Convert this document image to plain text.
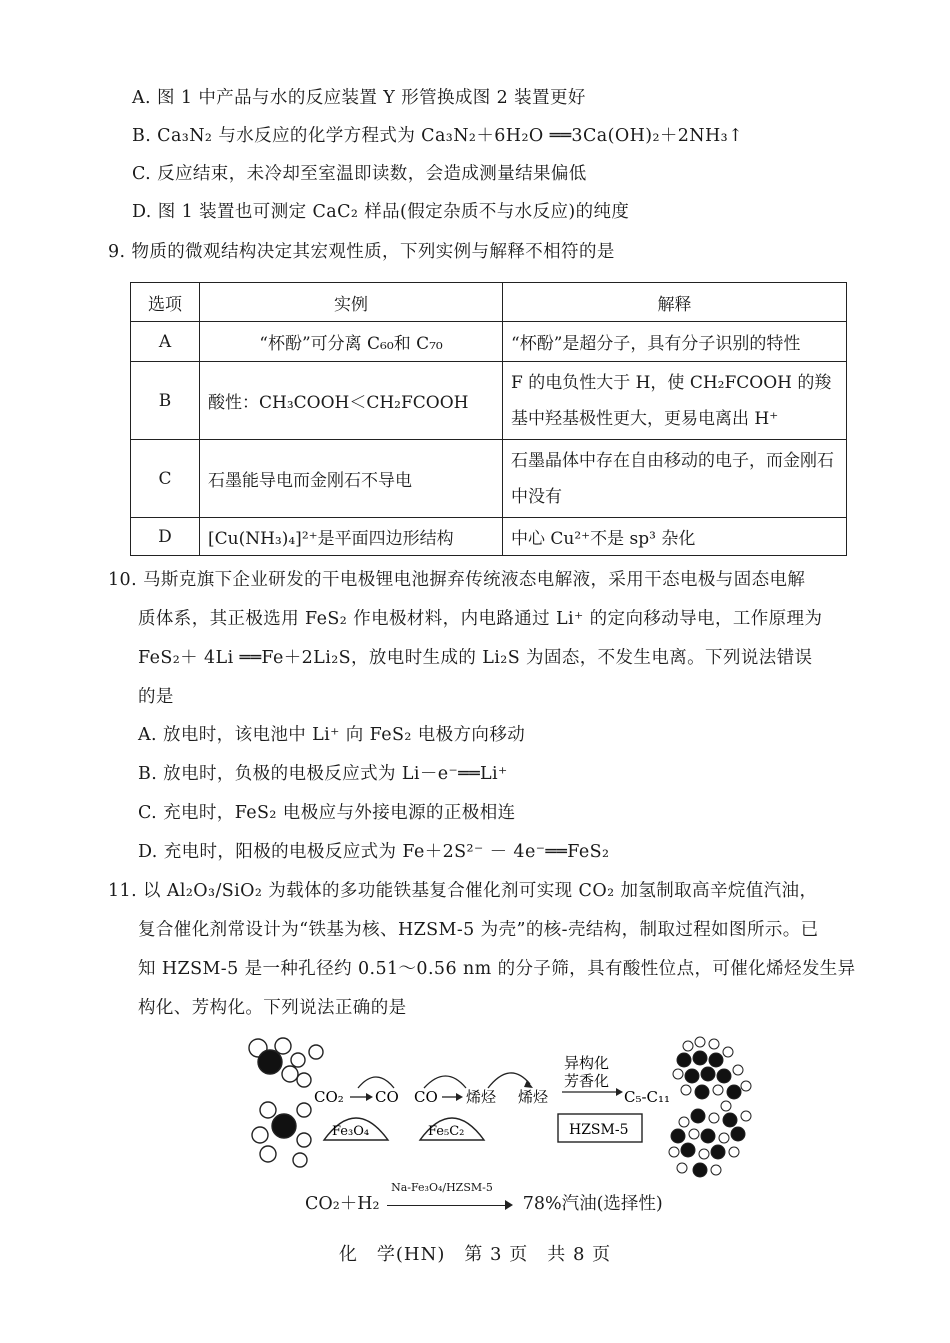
A. 图 1 中产品与水的反应装置 Y 形管换成图 2 装置更好
B. Ca₃N₂ 与水反应的化学方程式为 Ca₃N₂＋6H₂O ══3Ca(OH)₂＋2NH₃↑
C. 反应结束，未冷却至室温即读数，会造成测量结果偏低
D. 图 1 装置也可测定 CaC₂ 样品(假定杂质不与水反应)的纯度
9. 物质的微观结构决定其宏观性质，下列实例与解释不相符的是
选项	实例	解释
A	“杯酚”可分离 C₆₀和 C₇₀	“杯酚”是超分子，具有分子识别的特性
B	酸性：CH₃COOH＜CH₂FCOOH	F 的电负性大于 H，使 CH₂FCOOH 的羧基中羟基极性更大，更易电离出 H⁺
C	石墨能导电而金刚石不导电	石墨晶体中存在自由移动的电子，而金刚石中没有
D	[Cu(NH₃)₄]²⁺是平面四边形结构	中心 Cu²⁺不是 sp³ 杂化
10. 马斯克旗下企业研发的干电极锂电池摒弃传统液态电解液，采用干态电极与固态电解
质体系，其正极选用 FeS₂ 作电极材料，内电路通过 Li⁺ 的定向移动导电，工作原理为
FeS₂＋ 4Li ══Fe＋2Li₂S，放电时生成的 Li₂S 为固态，不发生电离。下列说法错误
的是
A. 放电时，该电池中 Li⁺ 向 FeS₂ 电极方向移动
B. 放电时，负极的电极反应式为 Li－e⁻══Li⁺
C. 充电时，FeS₂ 电极应与外接电源的正极相连
D. 充电时，阳极的电极反应式为 Fe＋2S²⁻ － 4e⁻══FeS₂
11. 以 Al₂O₃/SiO₂ 为载体的多功能铁基复合催化剂可实现 CO₂ 加氢制取高辛烷值汽油，
复合催化剂常设计为“铁基为核、HZSM-5 为壳”的核-壳结构，制取过程如图所示。已
知 HZSM-5 是一种孔径约 0.51～0.56 nm 的分子筛，具有酸性位点，可催化烯烃发生异
构化、芳构化。下列说法正确的是
CO₂ CO CO 烯烃 烯烃
Fe₃O₄	Fe₅C₂
异构化
芳香化
C₅-C₁₁
HZSM-5
CO₂＋H₂
Na-Fe₃O₄/HZSM-5
78%汽油(选择性)
化　学(HN)　第 3 页　共 8 页
